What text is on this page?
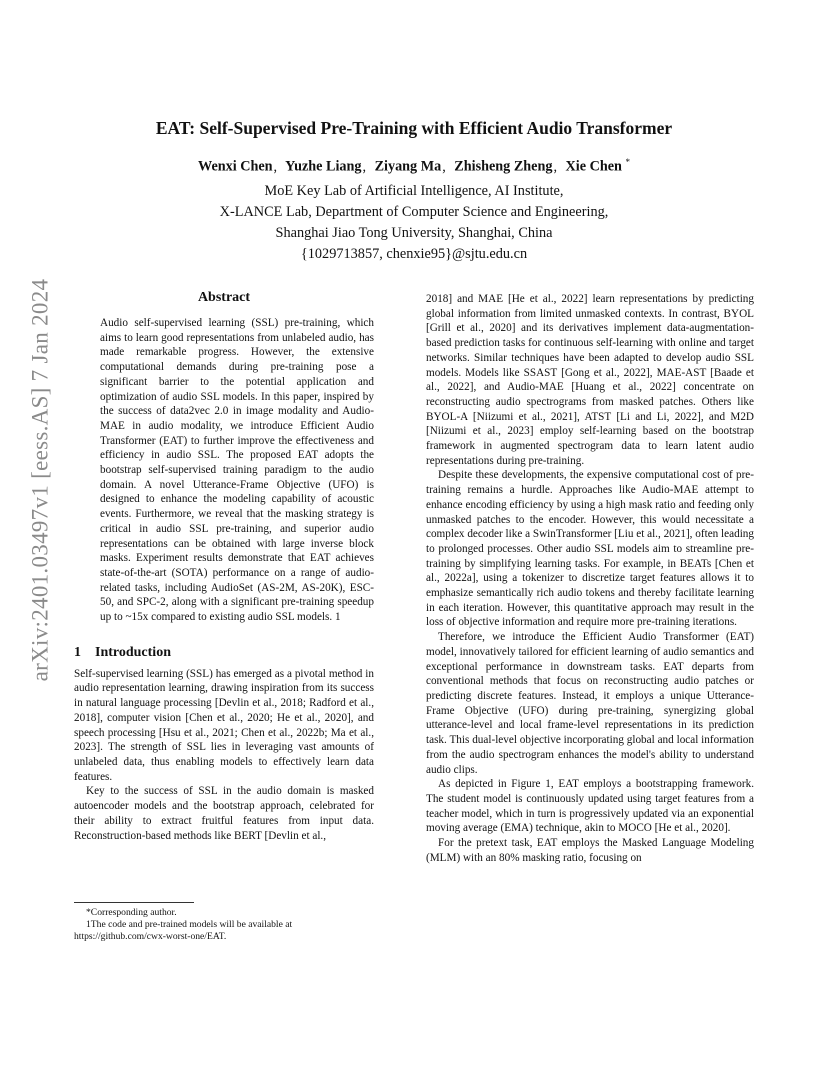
arXiv:2401.03497v1 [eess.AS] 7 Jan 2024
EAT: Self-Supervised Pre-Training with Efficient Audio Transformer
Wenxi Chen, Yuzhe Liang, Ziyang Ma, Zhisheng Zheng, Xie Chen *
MoE Key Lab of Artificial Intelligence, AI Institute,
X-LANCE Lab, Department of Computer Science and Engineering,
Shanghai Jiao Tong University, Shanghai, China
{1029713857, chenxie95}@sjtu.edu.cn
Abstract

Audio self-supervised learning (SSL) pre-training, which aims to learn good representations from unlabeled audio, has made remarkable progress. However, the extensive computational demands during pre-training pose a significant barrier to the potential application and optimization of audio SSL models. In this paper, inspired by the success of data2vec 2.0 in image modality and Audio-MAE in audio modality, we introduce Efficient Audio Transformer (EAT) to further improve the effectiveness and efficiency in audio SSL. The proposed EAT adopts the bootstrap self-supervised training paradigm to the audio domain. A novel Utterance-Frame Objective (UFO) is designed to enhance the modeling capability of acoustic events. Furthermore, we reveal that the masking strategy is critical in audio SSL pre-training, and superior audio representations can be obtained with large inverse block masks. Experiment results demonstrate that EAT achieves state-of-the-art (SOTA) performance on a range of audio-related tasks, including AudioSet (AS-2M, AS-20K), ESC-50, and SPC-2, along with a significant pre-training speedup up to ~15x compared to existing audio SSL models. 1

1 Introduction

Self-supervised learning (SSL) has emerged as a pivotal method in audio representation learning, drawing inspiration from its success in natural language processing [Devlin et al., 2018; Radford et al., 2018], computer vision [Chen et al., 2020; He et al., 2020], and speech processing [Hsu et al., 2021; Chen et al., 2022b; Ma et al., 2023]. The strength of SSL lies in leveraging vast amounts of unlabeled data, thus enabling models to effectively learn data features.

Key to the success of SSL in the audio domain is masked autoencoder models and the bootstrap approach, celebrated for their ability to extract fruitful features from input data. Reconstruction-based methods like BERT [Devlin et al.,

*Corresponding author.

1The code and pre-trained models will be available at https://github.com/cwx-worst-one/EAT.

2018] and MAE [He et al., 2022] learn representations by predicting global information from limited unmasked contexts. In contrast, BYOL [Grill et al., 2020] and its derivatives implement data-augmentation-based prediction tasks for continuous self-learning with online and target networks. Similar techniques have been adapted to develop audio SSL models. Models like SSAST [Gong et al., 2022], MAE-AST [Baade et al., 2022], and Audio-MAE [Huang et al., 2022] concentrate on reconstructing audio spectrograms from masked patches. Others like BYOL-A [Niizumi et al., 2021], ATST [Li and Li, 2022], and M2D [Niizumi et al., 2023] employ self-learning based on the bootstrap framework in augmented spectrogram data to learn latent audio representations during pre-training.

Despite these developments, the expensive computational cost of pre-training remains a hurdle. Approaches like Audio-MAE attempt to enhance encoding efficiency by using a high mask ratio and feeding only unmasked patches to the encoder. However, this would necessitate a complex decoder like a SwinTransformer [Liu et al., 2021], often leading to prolonged processes. Other audio SSL models aim to streamline pre-training by simplifying learning tasks. For example, in BEATs [Chen et al., 2022a], using a tokenizer to discretize target features allows it to emphasize semantically rich audio tokens and thereby facilitate learning in each iteration. However, this quantitative approach may result in the loss of objective information and require more pre-training iterations.

Therefore, we introduce the Efficient Audio Transformer (EAT) model, innovatively tailored for efficient learning of audio semantics and exceptional performance in downstream tasks. EAT departs from conventional methods that focus on reconstructing audio patches or predicting discrete features. Instead, it employs a unique Utterance-Frame Objective (UFO) during pre-training, synergizing global utterance-level and local frame-level representations in its prediction task. This dual-level objective incorporating global and local information from the audio spectrogram enhances the model's ability to understand audio clips.

As depicted in Figure 1, EAT employs a bootstrapping framework. The student model is continuously updated using target features from a teacher model, which in turn is progressively updated via an exponential moving average (EMA) technique, akin to MOCO [He et al., 2020].

For the pretext task, EAT employs the Masked Language Modeling (MLM) with an 80% masking ratio, focusing on
